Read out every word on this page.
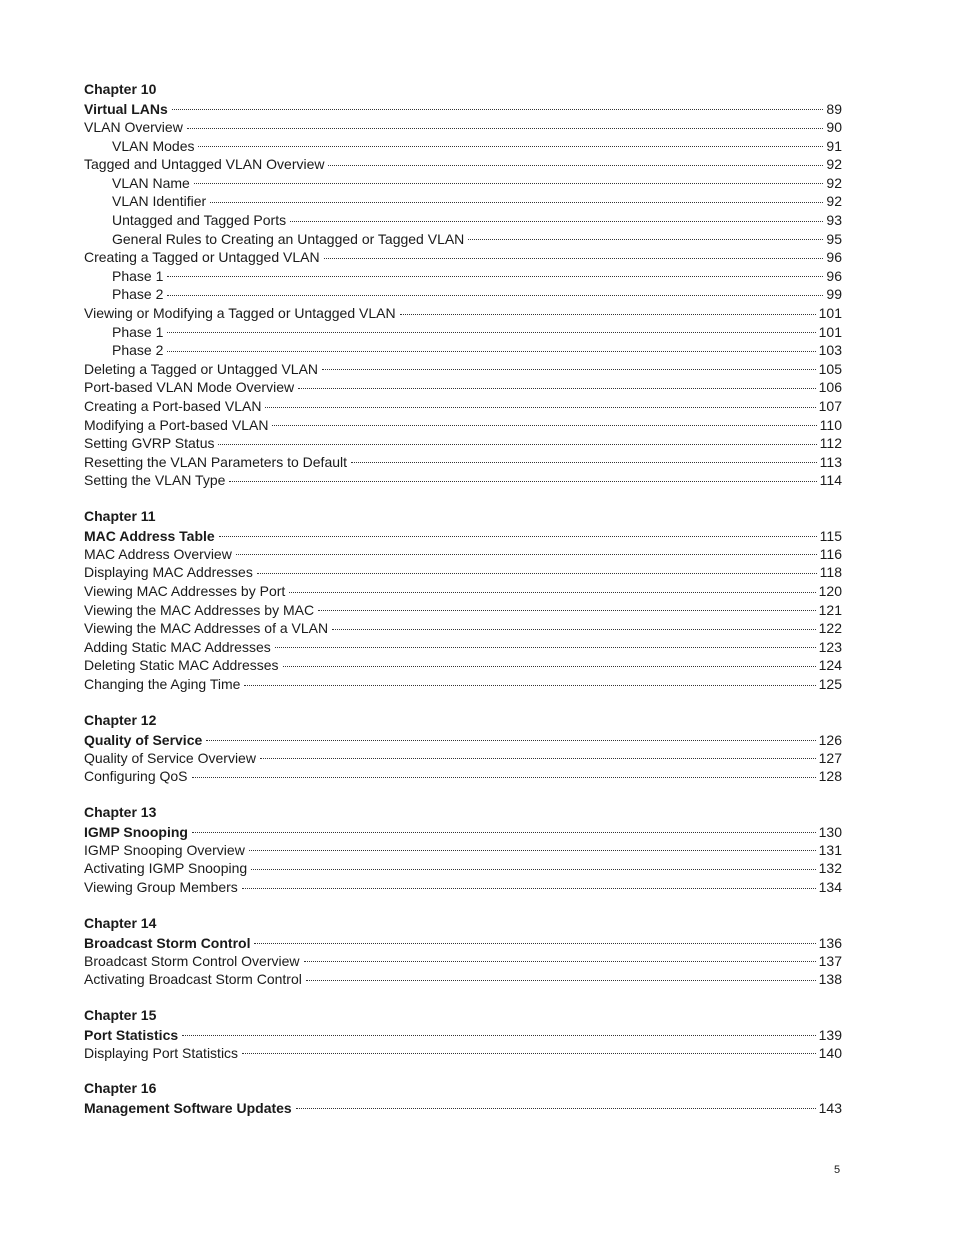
Chapter 10
Virtual LANs	89
VLAN Overview	90
VLAN Modes	91
Tagged and Untagged VLAN Overview	92
VLAN Name	92
VLAN Identifier	92
Untagged and Tagged Ports	93
General Rules to Creating an Untagged or Tagged VLAN	95
Creating a Tagged or Untagged VLAN	96
Phase 1	96
Phase 2	99
Viewing or Modifying a Tagged or Untagged VLAN	101
Phase 1	101
Phase 2	103
Deleting a Tagged or Untagged VLAN	105
Port-based VLAN Mode Overview	106
Creating a Port-based VLAN	107
Modifying a Port-based VLAN	110
Setting GVRP Status	112
Resetting the VLAN Parameters to Default	113
Setting the VLAN Type	114
Chapter 11
MAC Address Table	115
MAC Address Overview	116
Displaying MAC Addresses	118
Viewing MAC Addresses by Port	120
Viewing the MAC Addresses by MAC	121
Viewing the MAC Addresses of a VLAN	122
Adding Static MAC Addresses	123
Deleting Static MAC Addresses	124
Changing the Aging Time	125
Chapter 12
Quality of Service	126
Quality of Service Overview	127
Configuring QoS	128
Chapter 13
IGMP Snooping	130
IGMP Snooping Overview	131
Activating IGMP Snooping	132
Viewing Group Members	134
Chapter 14
Broadcast Storm Control	136
Broadcast Storm Control Overview	137
Activating Broadcast Storm Control	138
Chapter 15
Port Statistics	139
Displaying Port Statistics	140
Chapter 16
Management Software Updates	143
5
